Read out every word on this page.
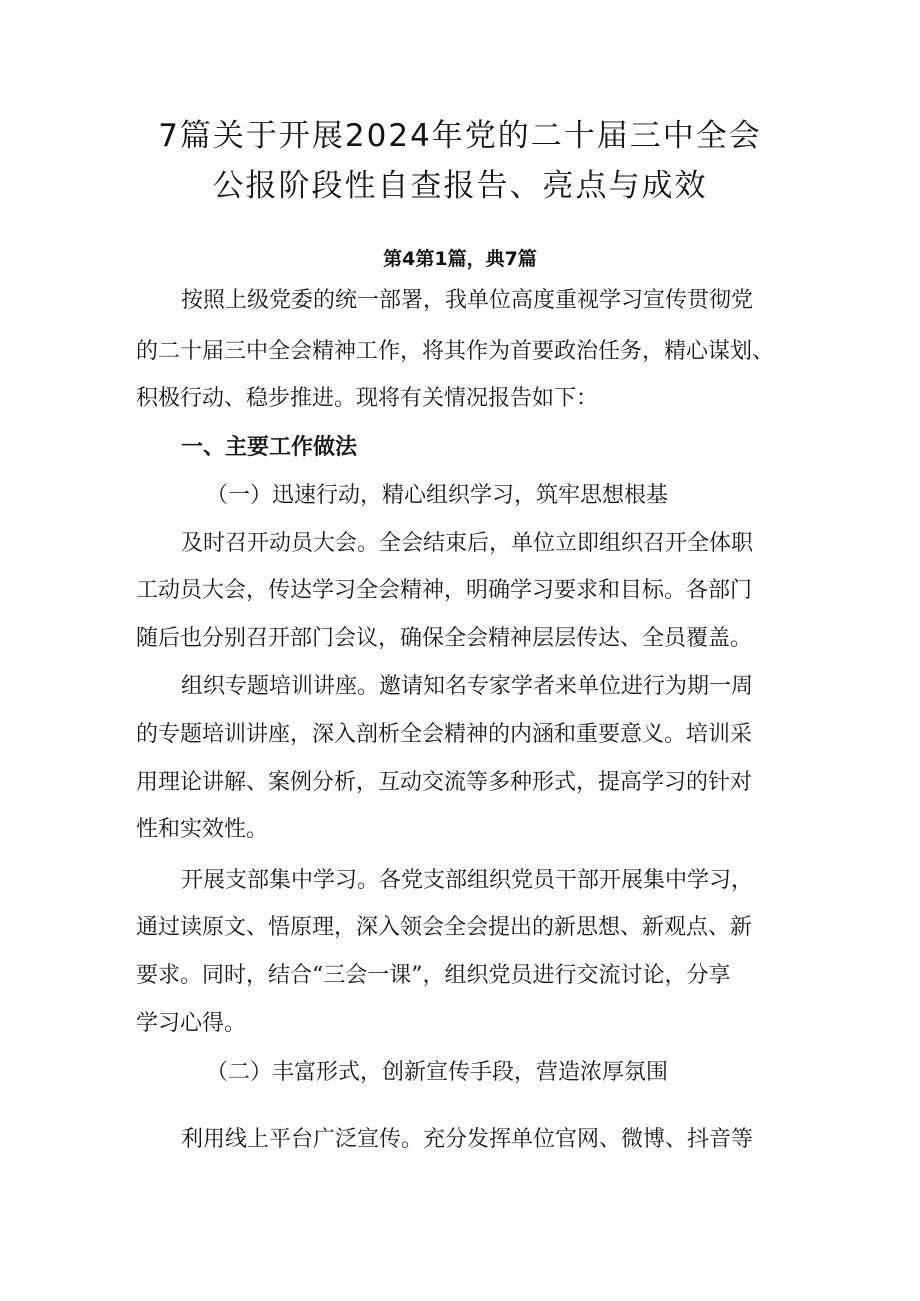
7篇关于开展2024年党的二十届三中全会
公报阶段性自查报告、亮点与成效
第4第1篇，典7篇
按照上级党委的统一部署，我单位高度重视学习宣传贯彻党
的二十届三中全会精神工作，将其作为首要政治任务，精心谋划、
积极行动、稳步推进。现将有关情况报告如下：
一、主要工作做法
（一）迅速行动，精心组织学习，筑牢思想根基
及时召开动员大会。全会结束后，单位立即组织召开全体职
工动员大会，传达学习全会精神，明确学习要求和目标。各部门
随后也分别召开部门会议，确保全会精神层层传达、全员覆盖。
组织专题培训讲座。邀请知名专家学者来单位进行为期一周
的专题培训讲座，深入剖析全会精神的内涵和重要意义。培训采
用理论讲解、案例分析，互动交流等多种形式，提高学习的针对
性和实效性。
开展支部集中学习。各党支部组织党员干部开展集中学习，
通过读原文、悟原理，深入领会全会提出的新思想、新观点、新
要求。同时，结合“三会一课”，组织党员进行交流讨论，分享
学习心得。
（二）丰富形式，创新宣传手段，营造浓厚氛围
利用线上平台广泛宣传。充分发挥单位官网、微博、抖音等
